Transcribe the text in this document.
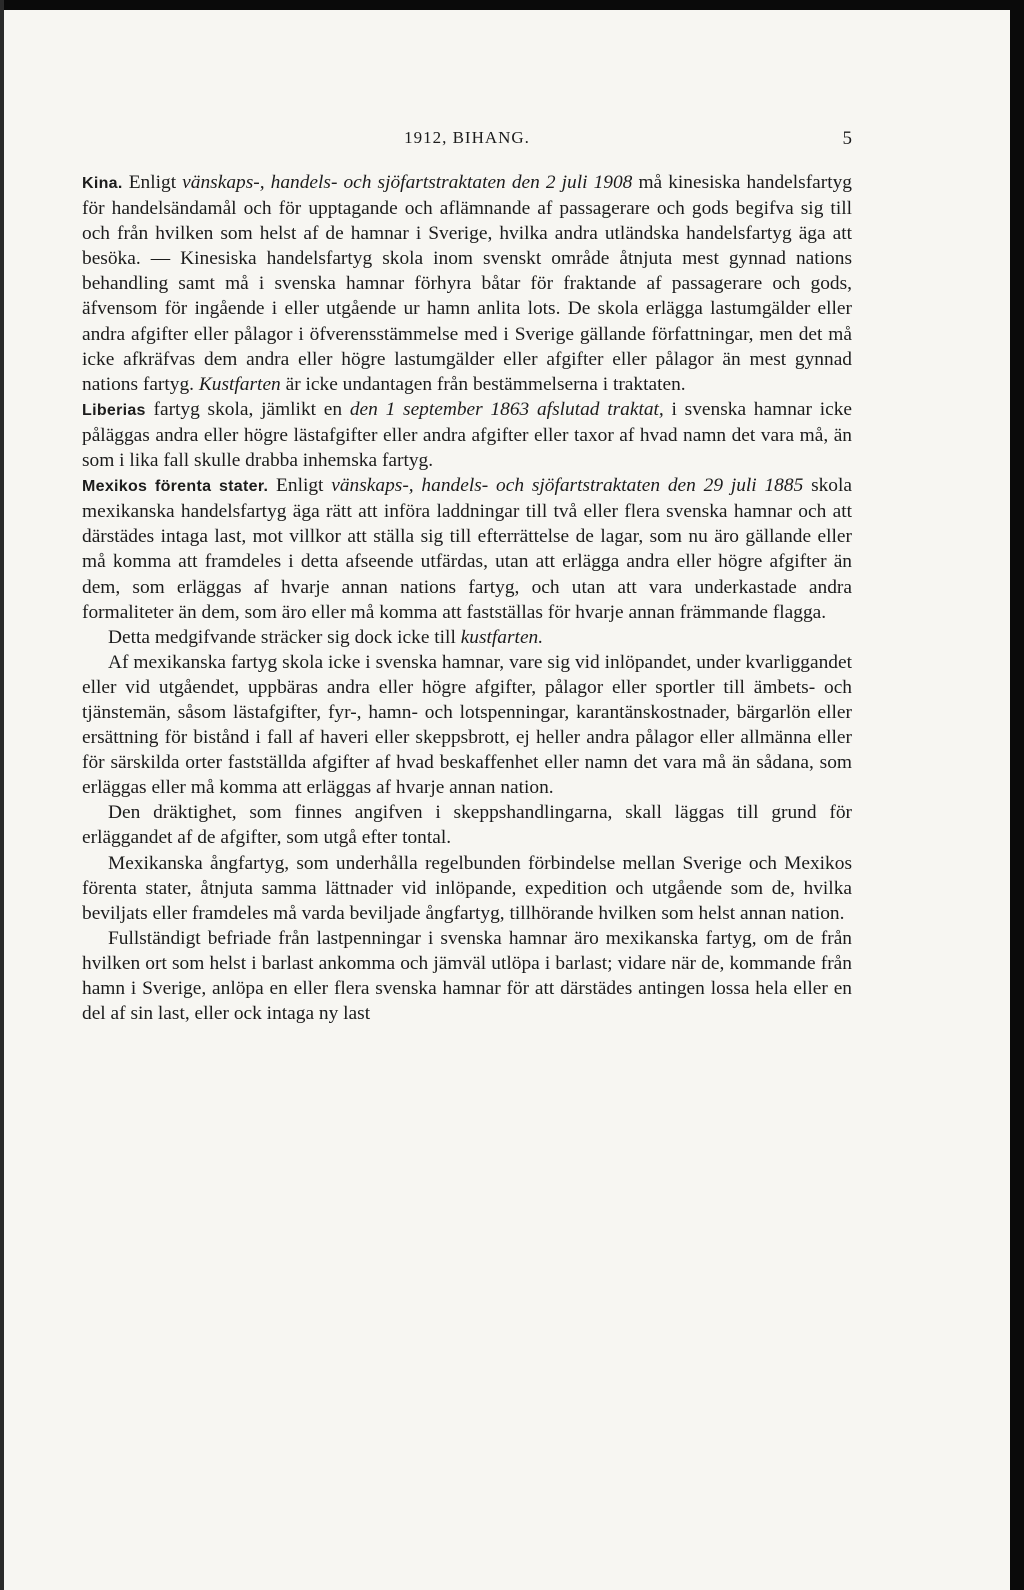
1912, BIHANG.	5

Kina. Enligt vänskaps-, handels- och sjöfartstraktaten den 2 juli 1908 må kinesiska handelsfartyg för handelsändamål och för upptagande och aflämnande af passagerare och gods begifva sig till och från hvilken som helst af de hamnar i Sverige, hvilka andra utländska handelsfartyg äga att besöka. — Kinesiska handelsfartyg skola inom svenskt område åtnjuta mest gynnad nations behandling samt må i svenska hamnar förhyra båtar för fraktande af passagerare och gods, äfvensom för ingående i eller utgående ur hamn anlita lots. De skola erlägga lastumgälder eller andra afgifter eller pålagor i öfverensstämmelse med i Sverige gällande författningar, men det må icke afkräfvas dem andra eller högre lastumgälder eller afgifter eller pålagor än mest gynnad nations fartyg. Kustfarten är icke undantagen från bestämmelserna i traktaten.

Liberias fartyg skola, jämlikt en den 1 september 1863 afslutad traktat, i svenska hamnar icke påläggas andra eller högre lästafgifter eller andra afgifter eller taxor af hvad namn det vara må, än som i lika fall skulle drabba inhemska fartyg.

Mexikos förenta stater. Enligt vänskaps-, handels- och sjöfartstraktaten den 29 juli 1885 skola mexikanska handelsfartyg äga rätt att införa laddningar till två eller flera svenska hamnar och att därstädes intaga last, mot villkor att ställa sig till efterrättelse de lagar, som nu äro gällande eller må komma att framdeles i detta afseende utfärdas, utan att erlägga andra eller högre afgifter än dem, som erläggas af hvarje annan nations fartyg, och utan att vara underkastade andra formaliteter än dem, som äro eller må komma att fastställas för hvarje annan främmande flagga.

Detta medgifvande sträcker sig dock icke till kustfarten.

Af mexikanska fartyg skola icke i svenska hamnar, vare sig vid inlöpandet, under kvarliggandet eller vid utgåendet, uppbäras andra eller högre afgifter, pålagor eller sportler till ämbets- och tjänstemän, såsom lästafgifter, fyr-, hamn- och lotspenningar, karantänskostnader, bärgarlön eller ersättning för bistånd i fall af haveri eller skeppsbrott, ej heller andra pålagor eller allmänna eller för särskilda orter fastställda afgifter af hvad beskaffenhet eller namn det vara må än sådana, som erläggas eller må komma att erläggas af hvarje annan nation.

Den dräktighet, som finnes angifven i skeppshandlingarna, skall läggas till grund för erläggandet af de afgifter, som utgå efter tontal.

Mexikanska ångfartyg, som underhålla regelbunden förbindelse mellan Sverige och Mexikos förenta stater, åtnjuta samma lättnader vid inlöpande, expedition och utgående som de, hvilka beviljats eller framdeles må varda beviljade ångfartyg, tillhörande hvilken som helst annan nation.

Fullständigt befriade från lastpenningar i svenska hamnar äro mexikanska fartyg, om de från hvilken ort som helst i barlast ankomma och jämväl utlöpa i barlast; vidare när de, kommande från hamn i Sverige, anlöpa en eller flera svenska hamnar för att därstädes antingen lossa hela eller en del af sin last, eller ock intaga ny last
